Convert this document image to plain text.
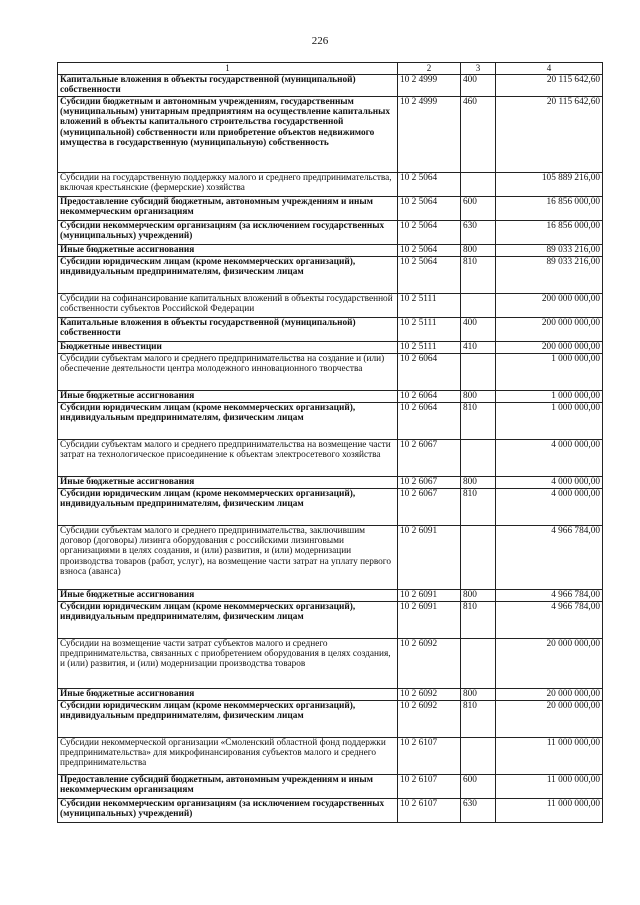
226
1	2	3	4
Капитальные вложения в объекты государственной (муниципальной) собственности	10 2 4999	400	20 115 642,60
Субсидии бюджетным и автономным учреждениям, государственным (муниципальным) унитарным предприятиям на осуществление капитальных вложений в объекты капитального строительства государственной (муниципальной) собственности или приобретение объектов недвижимого имущества в государственную (муниципальную) собственность	10 2 4999	460	20 115 642,60
Субсидии на государственную поддержку малого и среднего предпринимательства, включая крестьянские (фермерские) хозяйства	10 2 5064		105 889 216,00
Предоставление субсидий бюджетным, автономным учреждениям и иным некоммерческим организациям	10 2 5064	600	16 856 000,00
Субсидии некоммерческим организациям (за исключением государственных (муниципальных) учреждений)	10 2 5064	630	16 856 000,00
Иные бюджетные ассигнования	10 2 5064	800	89 033 216,00
Субсидии юридическим лицам (кроме некоммерческих организаций), индивидуальным предпринимателям, физическим лицам	10 2 5064	810	89 033 216,00
Субсидии на софинансирование капитальных вложений в объекты государственной собственности субъектов Российской Федерации	10 2 5111		200 000 000,00
Капитальные вложения в объекты государственной (муниципальной) собственности	10 2 5111	400	200 000 000,00
Бюджетные инвестиции	10 2 5111	410	200 000 000,00
Субсидии субъектам малого и среднего предпринимательства на создание и (или) обеспечение деятельности центра молодежного инновационного творчества	10 2 6064		1 000 000,00
Иные бюджетные ассигнования	10 2 6064	800	1 000 000,00
Субсидии юридическим лицам (кроме некоммерческих организаций), индивидуальным предпринимателям, физическим лицам	10 2 6064	810	1 000 000,00
Субсидии субъектам малого и среднего предпринимательства на возмещение части затрат на технологическое присоединение к объектам электросетевого хозяйства	10 2 6067		4 000 000,00
Иные бюджетные ассигнования	10 2 6067	800	4 000 000,00
Субсидии юридическим лицам (кроме некоммерческих организаций), индивидуальным предпринимателям, физическим лицам	10 2 6067	810	4 000 000,00
Субсидии субъектам малого и среднего предпринимательства, заключившим договор (договоры) лизинга оборудования с российскими лизинговыми организациями в целях создания, и (или) развития, и (или) модернизации производства товаров (работ, услуг), на возмещение части затрат на уплату первого взноса (аванса)	10 2 6091		4 966 784,00
Иные бюджетные ассигнования	10 2 6091	800	4 966 784,00
Субсидии юридическим лицам (кроме некоммерческих организаций), индивидуальным предпринимателям, физическим лицам	10 2 6091	810	4 966 784,00
Субсидии на возмещение части затрат субъектов малого и среднего предпринимательства, связанных с приобретением оборудования в целях создания, и (или) развития, и (или) модернизации производства товаров	10 2 6092		20 000 000,00
Иные бюджетные ассигнования	10 2 6092	800	20 000 000,00
Субсидии юридическим лицам (кроме некоммерческих организаций), индивидуальным предпринимателям, физическим лицам	10 2 6092	810	20 000 000,00
Субсидии некоммерческой организации «Смоленский областной фонд поддержки предпринимательства» для микрофинансирования субъектов малого и среднего предпринимательства	10 2 6107		11 000 000,00
Предоставление субсидий бюджетным, автономным учреждениям и иным некоммерческим организациям	10 2 6107	600	11 000 000,00
Субсидии некоммерческим организациям (за исключением государственных (муниципальных) учреждений)	10 2 6107	630	11 000 000,00
